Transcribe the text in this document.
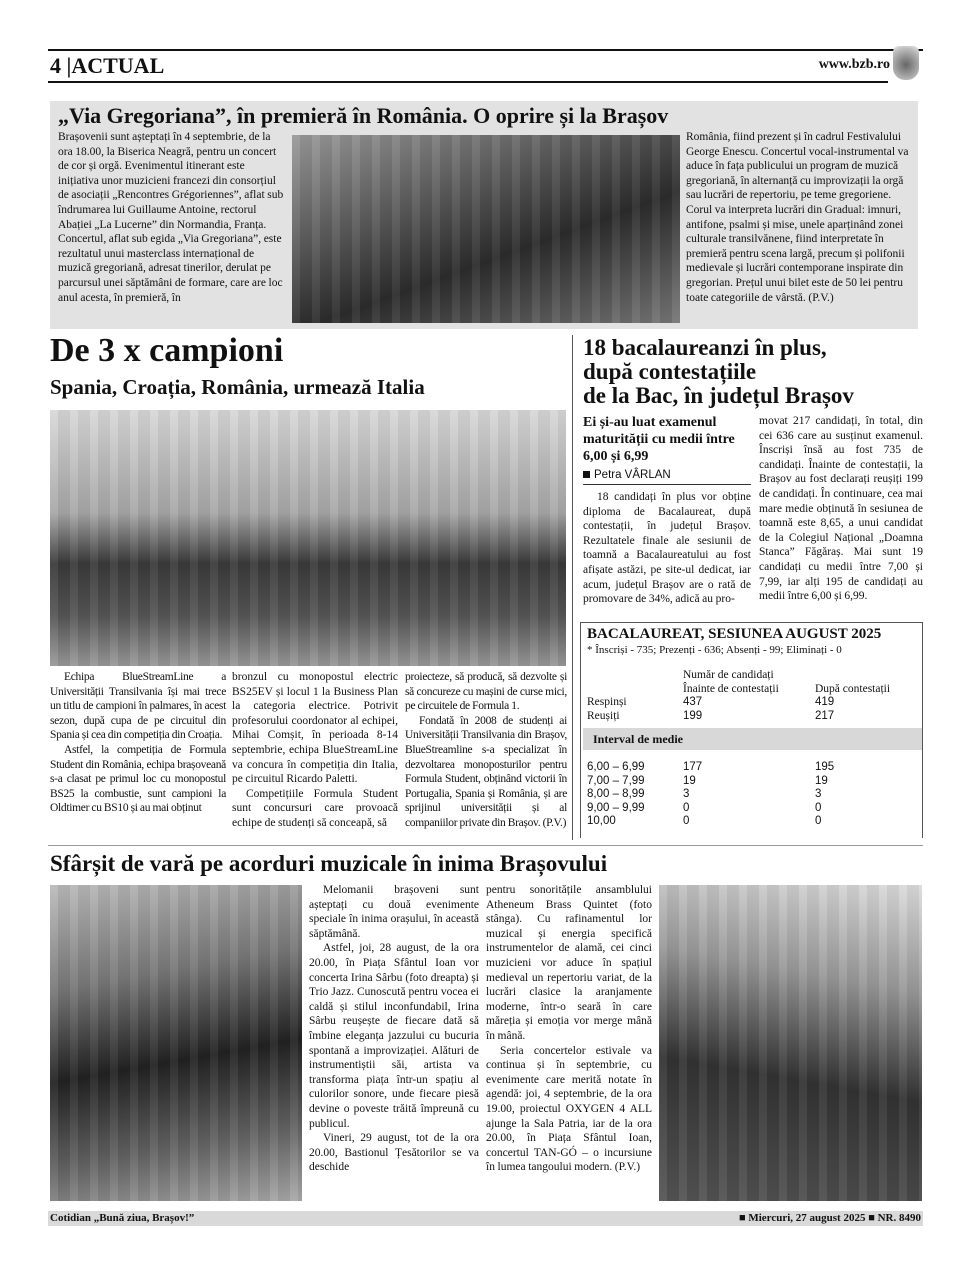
4 |ACTUAL	www.bzb.ro
„Via Gregoriana”, în premieră în România. O oprire și la Brașov

Brașovenii sunt așteptați în 4 septembrie, de la ora 18.00, la Biserica Neagră, pentru un concert de cor și orgă. Evenimentul itinerant este inițiativa unor muzicieni francezi din consorțiul de asociații „Rencontres Grégoriennes”, aflat sub îndrumarea lui Guillaume Antoine, rectorul Abației „La Lucerne” din Normandia, Franța.

Concertul, aflat sub egida „Via Gregoriana”, este rezultatul unui masterclass internațional de muzică gregoriană, adresat tinerilor, derulat pe parcursul unei săptămâni de formare, care are loc anul acesta, în premieră, în

România, fiind prezent și în cadrul Festivalului George Enescu. Concertul vocal-instrumental va aduce în fața publicului un program de muzică gregoriană, în alternanță cu improvizații la orgă sau lucrări de repertoriu, pe teme gregoriene. Corul va interpreta lucrări din Gradual: imnuri, antifone, psalmi și mise, unele aparținând zonei culturale transilvănene, fiind interpretate în premieră pentru scena largă, precum și polifonii medievale și lucrări contemporane inspirate din gregorian. Prețul unui bilet este de 50 lei pentru toate categoriile de vârstă. (P.V.)

De 3 x campioni
Spania, Croația, România, urmează Italia

Echipa BlueStreamLine a Universității Transilvania își mai trece un titlu de campioni în palmares, în acest sezon, după cupa de pe circuitul din Spania și cea din competiția din Croația.

Astfel, la competiția de Formula Student din România, echipa brașoveană s-a clasat pe primul loc cu monopostul BS25 la combustie, sunt campioni la Oldtimer cu BS10 și au mai obținut

bronzul cu monopostul electric BS25EV și locul 1 la Business Plan la categoria electrice. Potrivit profesorului coordonator al echipei, Mihai Comșit, în perioada 8-14 septembrie, echipa BlueStreamLine va concura în competiția din Italia, pe circuitul Ricardo Paletti.

Competițiile Formula Student sunt concursuri care provoacă echipe de studenți să conceapă, să

proiecteze, să producă, să dezvolte și să concureze cu mașini de curse mici, pe circuitele de Formula 1.

Fondată în 2008 de studenți ai Universității Transilvania din Brașov, BlueStreamline s-a specializat în dezvoltarea monoposturilor pentru Formula Student, obținând victorii în Portugalia, Spania și România, și are sprijinul universității și al companiilor private din Brașov. (P.V.)

18 bacalaureanzi în plus,
după contestațiile
de la Bac, în județul Brașov
Ei și-au luat examenul maturității cu medii între 6,00 și 6,99
Petra VÂRLAN

18 candidați în plus vor obține diploma de Bacalaureat, după contestații, în județul Brașov. Rezultatele finale ale sesiunii de toamnă a Bacalaureatului au fost afișate astăzi, pe site-ul dedicat, iar acum, județul Brașov are o rată de promovare de 34%, adică au pro-

movat 217 candidați, în total, din cei 636 care au susținut examenul. Înscriși însă au fost 735 de candidați. Înainte de contestații, la Brașov au fost declarați reușiți 199 de candidați. În continuare, cea mai mare medie obținută în sesiunea de toamnă este 8,65, a unui candidat de la Colegiul Național „Doamna Stanca” Făgăraș. Mai sunt 19 candidați cu medii între 7,00 și 7,99, iar alți 195 de candidați au medii între 6,00 și 6,99.

BACALAUREAT, SESIUNEA AUGUST 2025
* Înscriși - 735; Prezenți - 636; Absenți - 99; Eliminați - 0
	Număr de candidați	
	Înainte de contestații	După contestații
Respinși	437	419
Reușiți	199	217
Interval de medie
6,00 – 6,99	177	195
7,00 – 7,99	19	19
8,00 – 8,99	3	3
9,00 – 9,99	0	0
10,00	0	0
Sfârșit de vară pe acorduri muzicale în inima Brașovului

Melomanii brașoveni sunt așteptați cu două evenimente speciale în inima orașului, în această săptămână.

Astfel, joi, 28 august, de la ora 20.00, în Piața Sfântul Ioan vor concerta Irina Sârbu (foto dreapta) și Trio Jazz. Cunoscută pentru vocea ei caldă și stilul inconfundabil, Irina Sârbu reușește de fiecare dată să îmbine eleganța jazzului cu bucuria spontană a improvizației. Alături de instrumentiștii săi, artista va transforma piața într-un spațiu al culorilor sonore, unde fiecare piesă devine o poveste trăită împreună cu publicul.

Vineri, 29 august, tot de la ora 20.00, Bastionul Țesătorilor se va deschide

pentru sonoritățile ansamblului Atheneum Brass Quintet (foto stânga). Cu rafinamentul lor muzical și energia specifică instrumentelor de alamă, cei cinci muzicieni vor aduce în spațiul medieval un repertoriu variat, de la lucrări clasice la aranjamente moderne, într-o seară în care măreția și emoția vor merge mână în mână.

Seria concertelor estivale va continua și în septembrie, cu evenimente care merită notate în agendă: joi, 4 septembrie, de la ora 19.00, proiectul OXYGEN 4 ALL ajunge la Sala Patria, iar de la ora 20.00, în Piața Sfântul Ioan, concertul TAN-GÓ – o incursiune în lumea tangoului modern. (P.V.)

Cotidian „Bună ziua, Brașov!”	■ Miercuri, 27 august 2025 ■ NR. 8490
